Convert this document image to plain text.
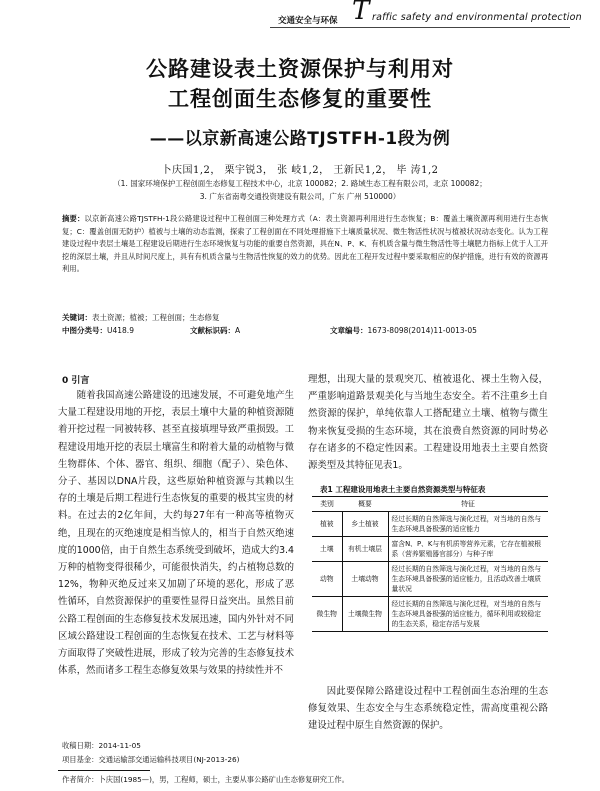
交通安全与环保 T raffic safety and environmental protection
公路建设表土资源保护与利用对
工程创面生态修复的重要性
——以京新高速公路TJSTFH-1段为例
卜庆国1,2， 栗宇锐3， 张 岐1,2， 王新民1,2， 毕 涛1,2
（1. 国家环境保护工程创面生态修复工程技术中心，北京 100082；2. 路域生态工程有限公司，北京 100082；
3. 广东省南粤交通投资建设有限公司，广东 广州 510000）
摘要：以京新高速公路TJSTFH-1段公路建设过程中工程创面三种处理方式（A：表土资源再利用进行生态恢复；B：覆盖土壤资源再利用进行生态恢复；C：覆盖创面无防护）植被与土壤的动态监测，探索了工程创面在不同处理措施下土壤质量状况、微生物活性状况与植被状况动态变化。认为工程建设过程中表层土壤是工程建设后期进行生态环境恢复与功能的重要自然资源，具在N、P、K、有机质含量与微生物活性等土壤肥力指标上优于人工开挖的深层土壤，并且从时间尺度上，具有有机质含量与生物活性恢复的效力的优势。因此在工程开发过程中要采取相应的保护措施，进行有效的资源再利用。
关键词：表土资源；植被；工程创面；生态修复
中图分类号：U418.9	文献标识码：A	文章编号：1673-8098(2014)11-0013-05
0 引言

随着我国高速公路建设的迅速发展，不可避免地产生大量工程建设用地的开挖，表层土壤中大量的种植资源随着开挖过程一同被转移、甚至直接填埋导致严重损毁。工程建设用地开挖的表层土壤富生和附着大量的动植物与微生物群体、个体、器官、组织、细胞（配子）、染色体、分子、基因以DNA片段，这些原始种植资源与其赖以生存的土壤是后期工程进行生态恢复的重要的极其宝贵的材料。在过去的2亿年间，大约每27年有一种高等植物灭绝，且现在的灭绝速度是相当惊人的，相当于自然灭绝速度的1000倍，由于自然生态系统受到破坏，造成大约3.4万种的植物变得很稀少，可能很快消失，约占植物总数的12%，物种灭绝反过来又加剧了环境的恶化，形成了恶性循环，自然资源保护的重要性显得日益突出。虽然目前公路工程创面的生态修复技术发展迅速，国内外针对不同区域公路建设工程创面的生态恢复在技术、工艺与材料等方面取得了突破性进展，形成了较为完善的生态修复技术体系，然而诸多工程生态修复效果与效果的持续性并不

理想，出现大量的景观突兀、植被退化、裸土生物入侵，严重影响道路景观美化与当地生态安全。若不注重乡土自然资源的保护，单纯依靠人工搭配建立土壤、植物与微生物来恢复受损的生态环境，其在浪费自然资源的同时势必存在诸多的不稳定性因素。工程建设用地表土主要自然资源类型及其特征见表1。

表1 工程建设用地表土主要自然资源类型与特征表
类别	概要	特征
植被	乡土植被	经过长期的自然筛选与演化过程，对当地的自然与生态环境具备极强的适应能力
土壤	有机土壤层	富含N、P、K与有机质等营养元素，它存在植被根系（营养繁殖器官部分）与种子库
动物	土壤动物	经过长期的自然筛选与演化过程，对当地的自然与生态环境具备极强的适应能力，且活动改善土壤质量状况
微生物	土壤微生物	经过长期的自然筛选与演化过程，对当地的自然与生态环境具备极强的适应能力，循环利用或较稳定的生态关系，稳定存活与发展

因此要保障公路建设过程中工程创面生态治理的生态修复效果、生态安全与生态系统稳定性，需高度重视公路建设过程中原生自然资源的保护。

收稿日期：2014-11-05
项目基金：交通运输部交通运输科技项目(NJ-2013-26)
作者简介：卜庆国(1985—)，男，工程师，硕士，主要从事公路矿山生态修复研究工作。
